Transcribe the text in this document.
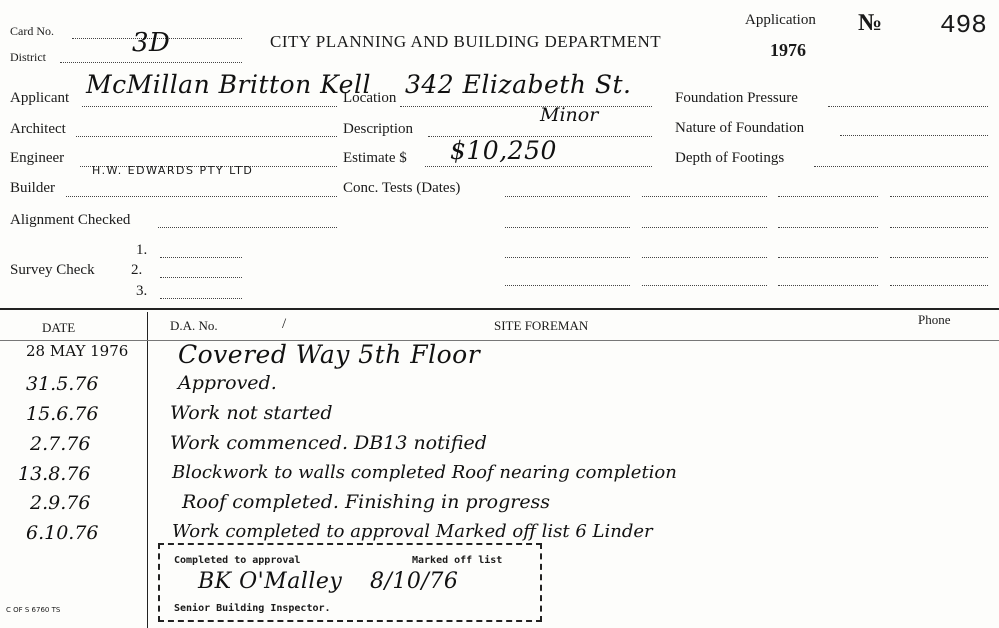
Card No.
District	3D	CITY PLANNING AND BUILDING DEPARTMENT
Application
1976
№ 498
Applicant McMillan Britton Kell
Architect
Engineer
H.W. EDWARDS PTY LTD
Builder
Alignment Checked
Survey Check
1.
2.
3.
Location 342 Elizabeth St.
Description
Minor
Estimate $ $10,250
Conc. Tests (Dates)
Foundation Pressure
Nature of Foundation
Depth of Footings
DATE	D.A. No.	/	SITE FOREMAN	Phone
28 MAY 1976 Covered Way 5th Floor
31.5.76	Approved.
15.6.76	Work not started
2.7.76	Work commenced. DB13 notified
13.8.76	Blockwork to walls completed Roof nearing completion
2.9.76	Roof completed. Finishing in progress
6.10.76	Work completed to approval Marked off list 6 Linder
Completed to approval	Marked off list
BK O'Malley 8/10/76
Senior Building Inspector.
C OF S 6760 TS
